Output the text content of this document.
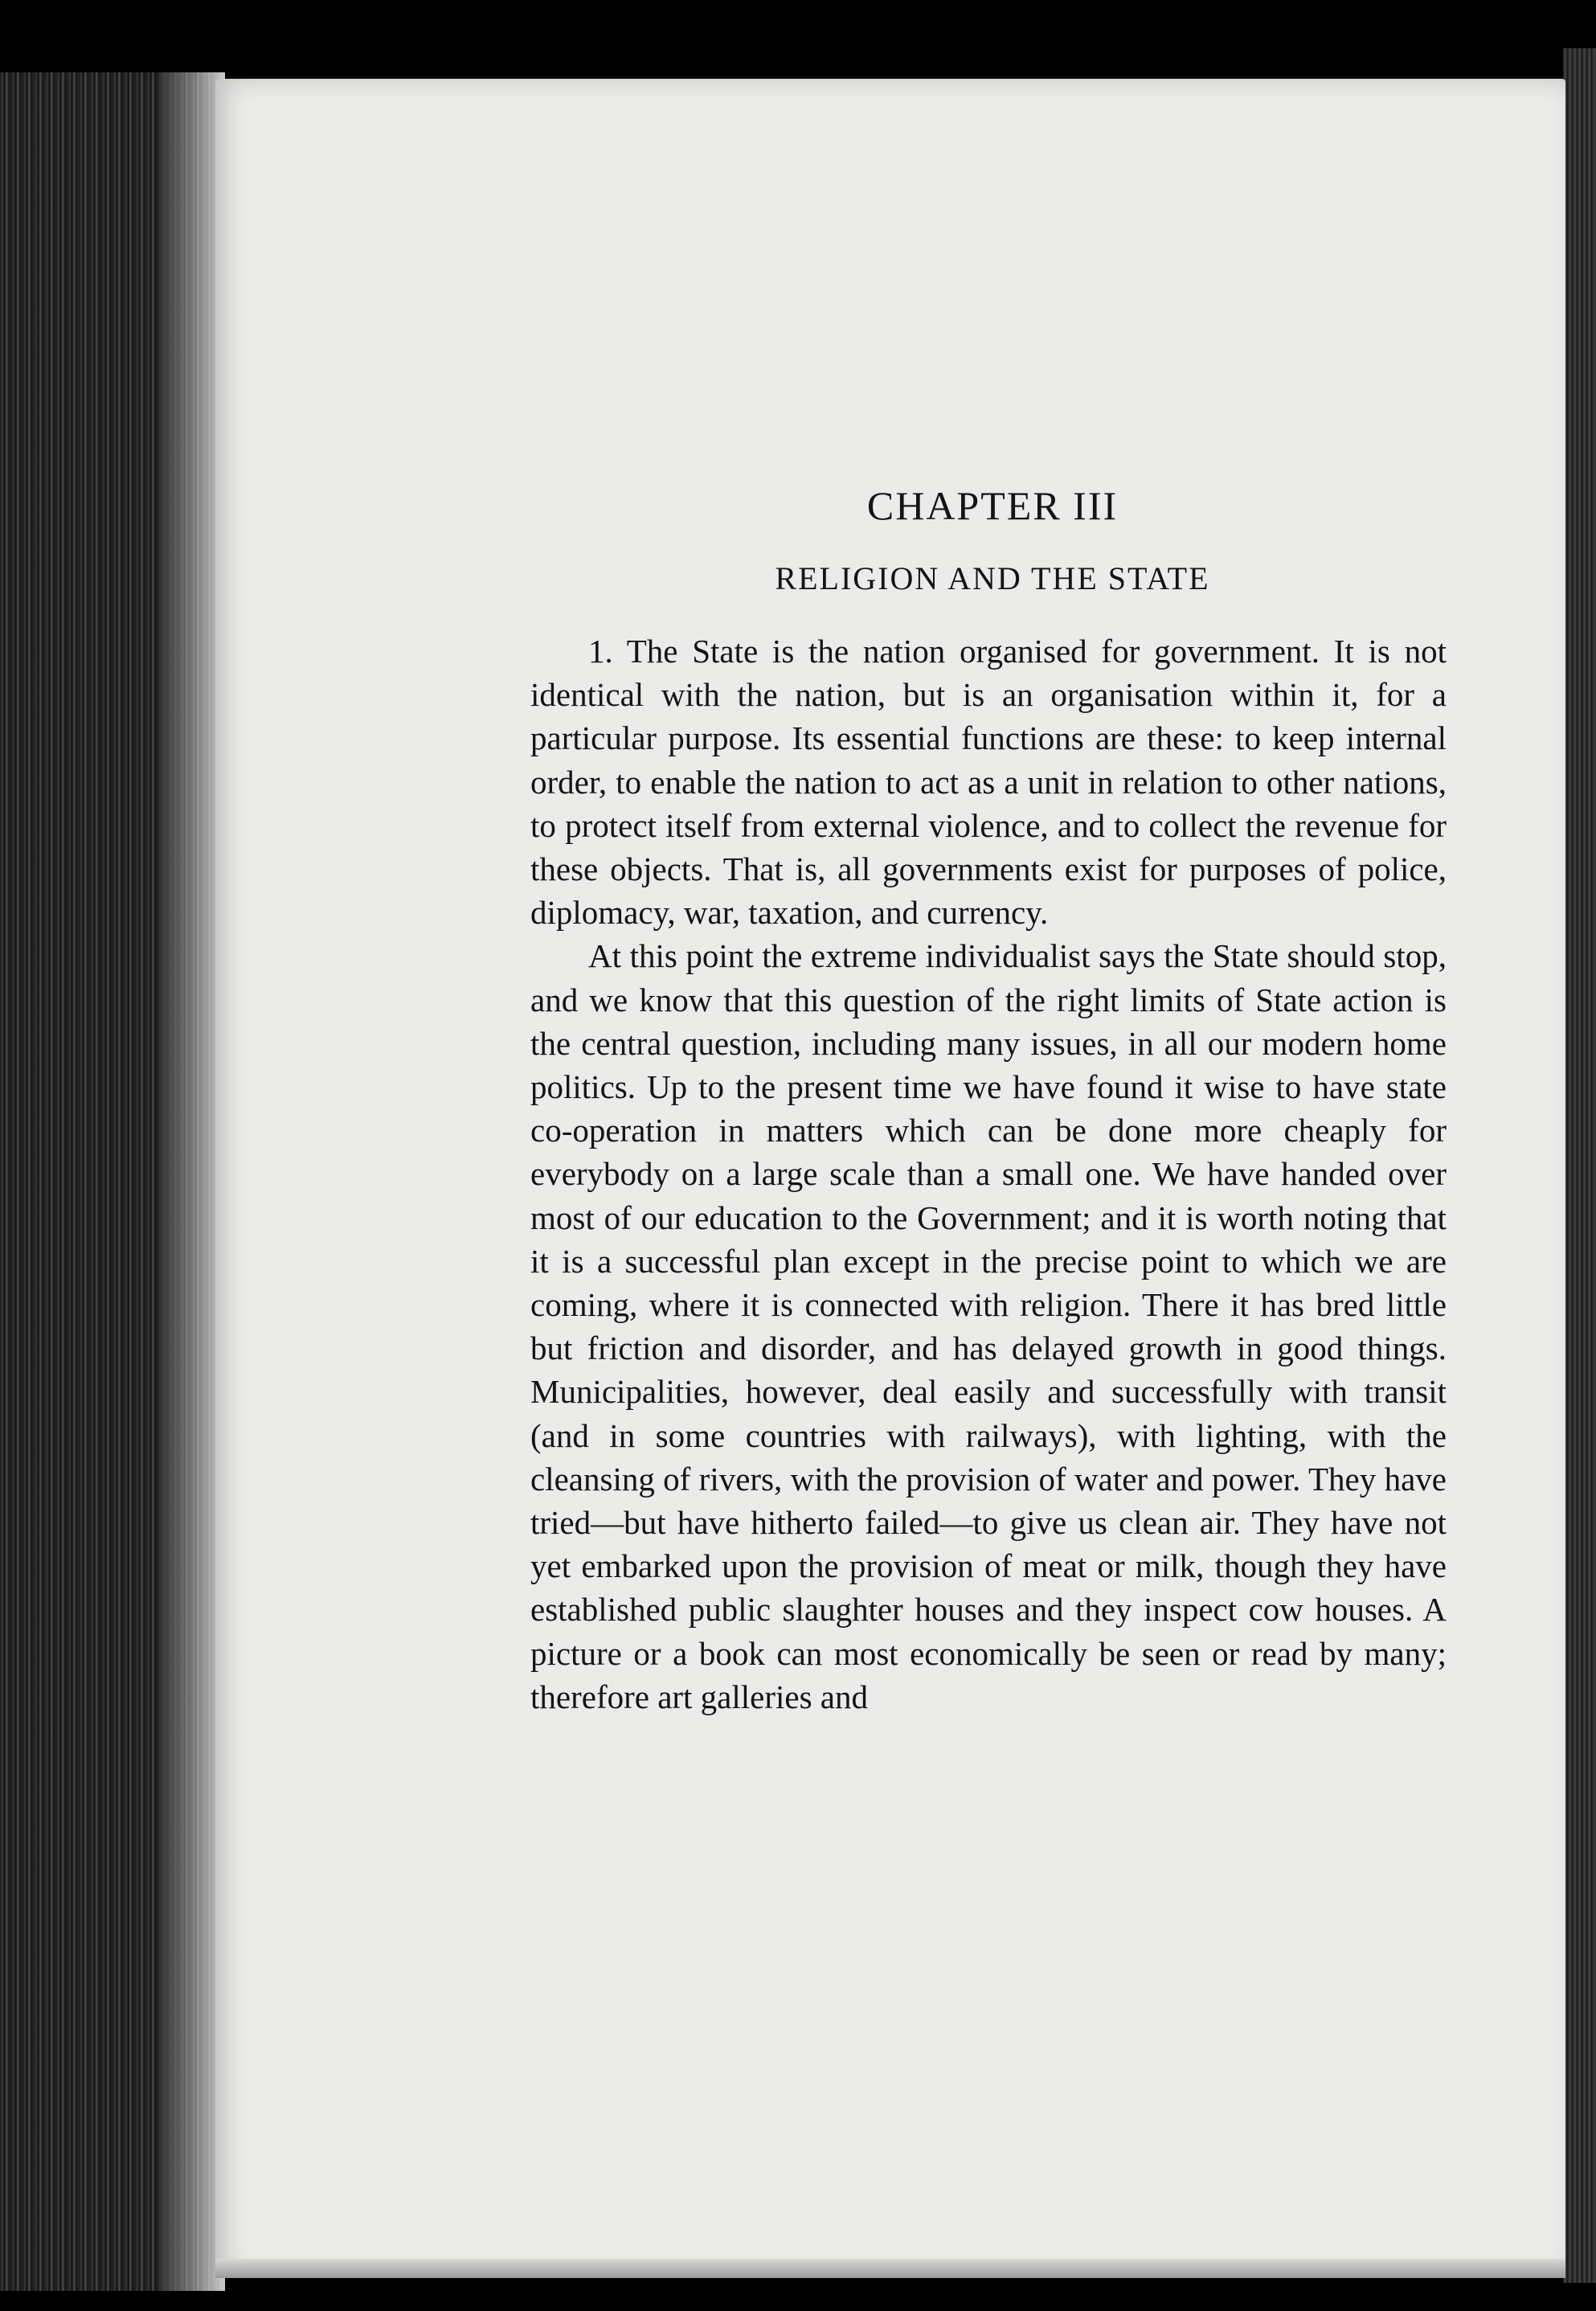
CHAPTER III
RELIGION AND THE STATE

1. The State is the nation organised for government. It is not identical with the nation, but is an organisation within it, for a particular purpose. Its essential functions are these: to keep internal order, to enable the nation to act as a unit in relation to other nations, to protect itself from external violence, and to collect the revenue for these objects. That is, all governments exist for purposes of police, diplomacy, war, taxation, and currency.

At this point the extreme individualist says the State should stop, and we know that this question of the right limits of State action is the central question, including many issues, in all our modern home politics. Up to the present time we have found it wise to have state co-operation in matters which can be done more cheaply for everybody on a large scale than a small one. We have handed over most of our education to the Government; and it is worth noting that it is a successful plan except in the precise point to which we are coming, where it is connected with religion. There it has bred little but friction and disorder, and has delayed growth in good things. Municipalities, however, deal easily and successfully with transit (and in some countries with railways), with lighting, with the cleansing of rivers, with the provision of water and power. They have tried—but have hitherto failed—to give us clean air. They have not yet embarked upon the provision of meat or milk, though they have established public slaughter houses and they inspect cow houses. A picture or a book can most economically be seen or read by many; therefore art galleries and
